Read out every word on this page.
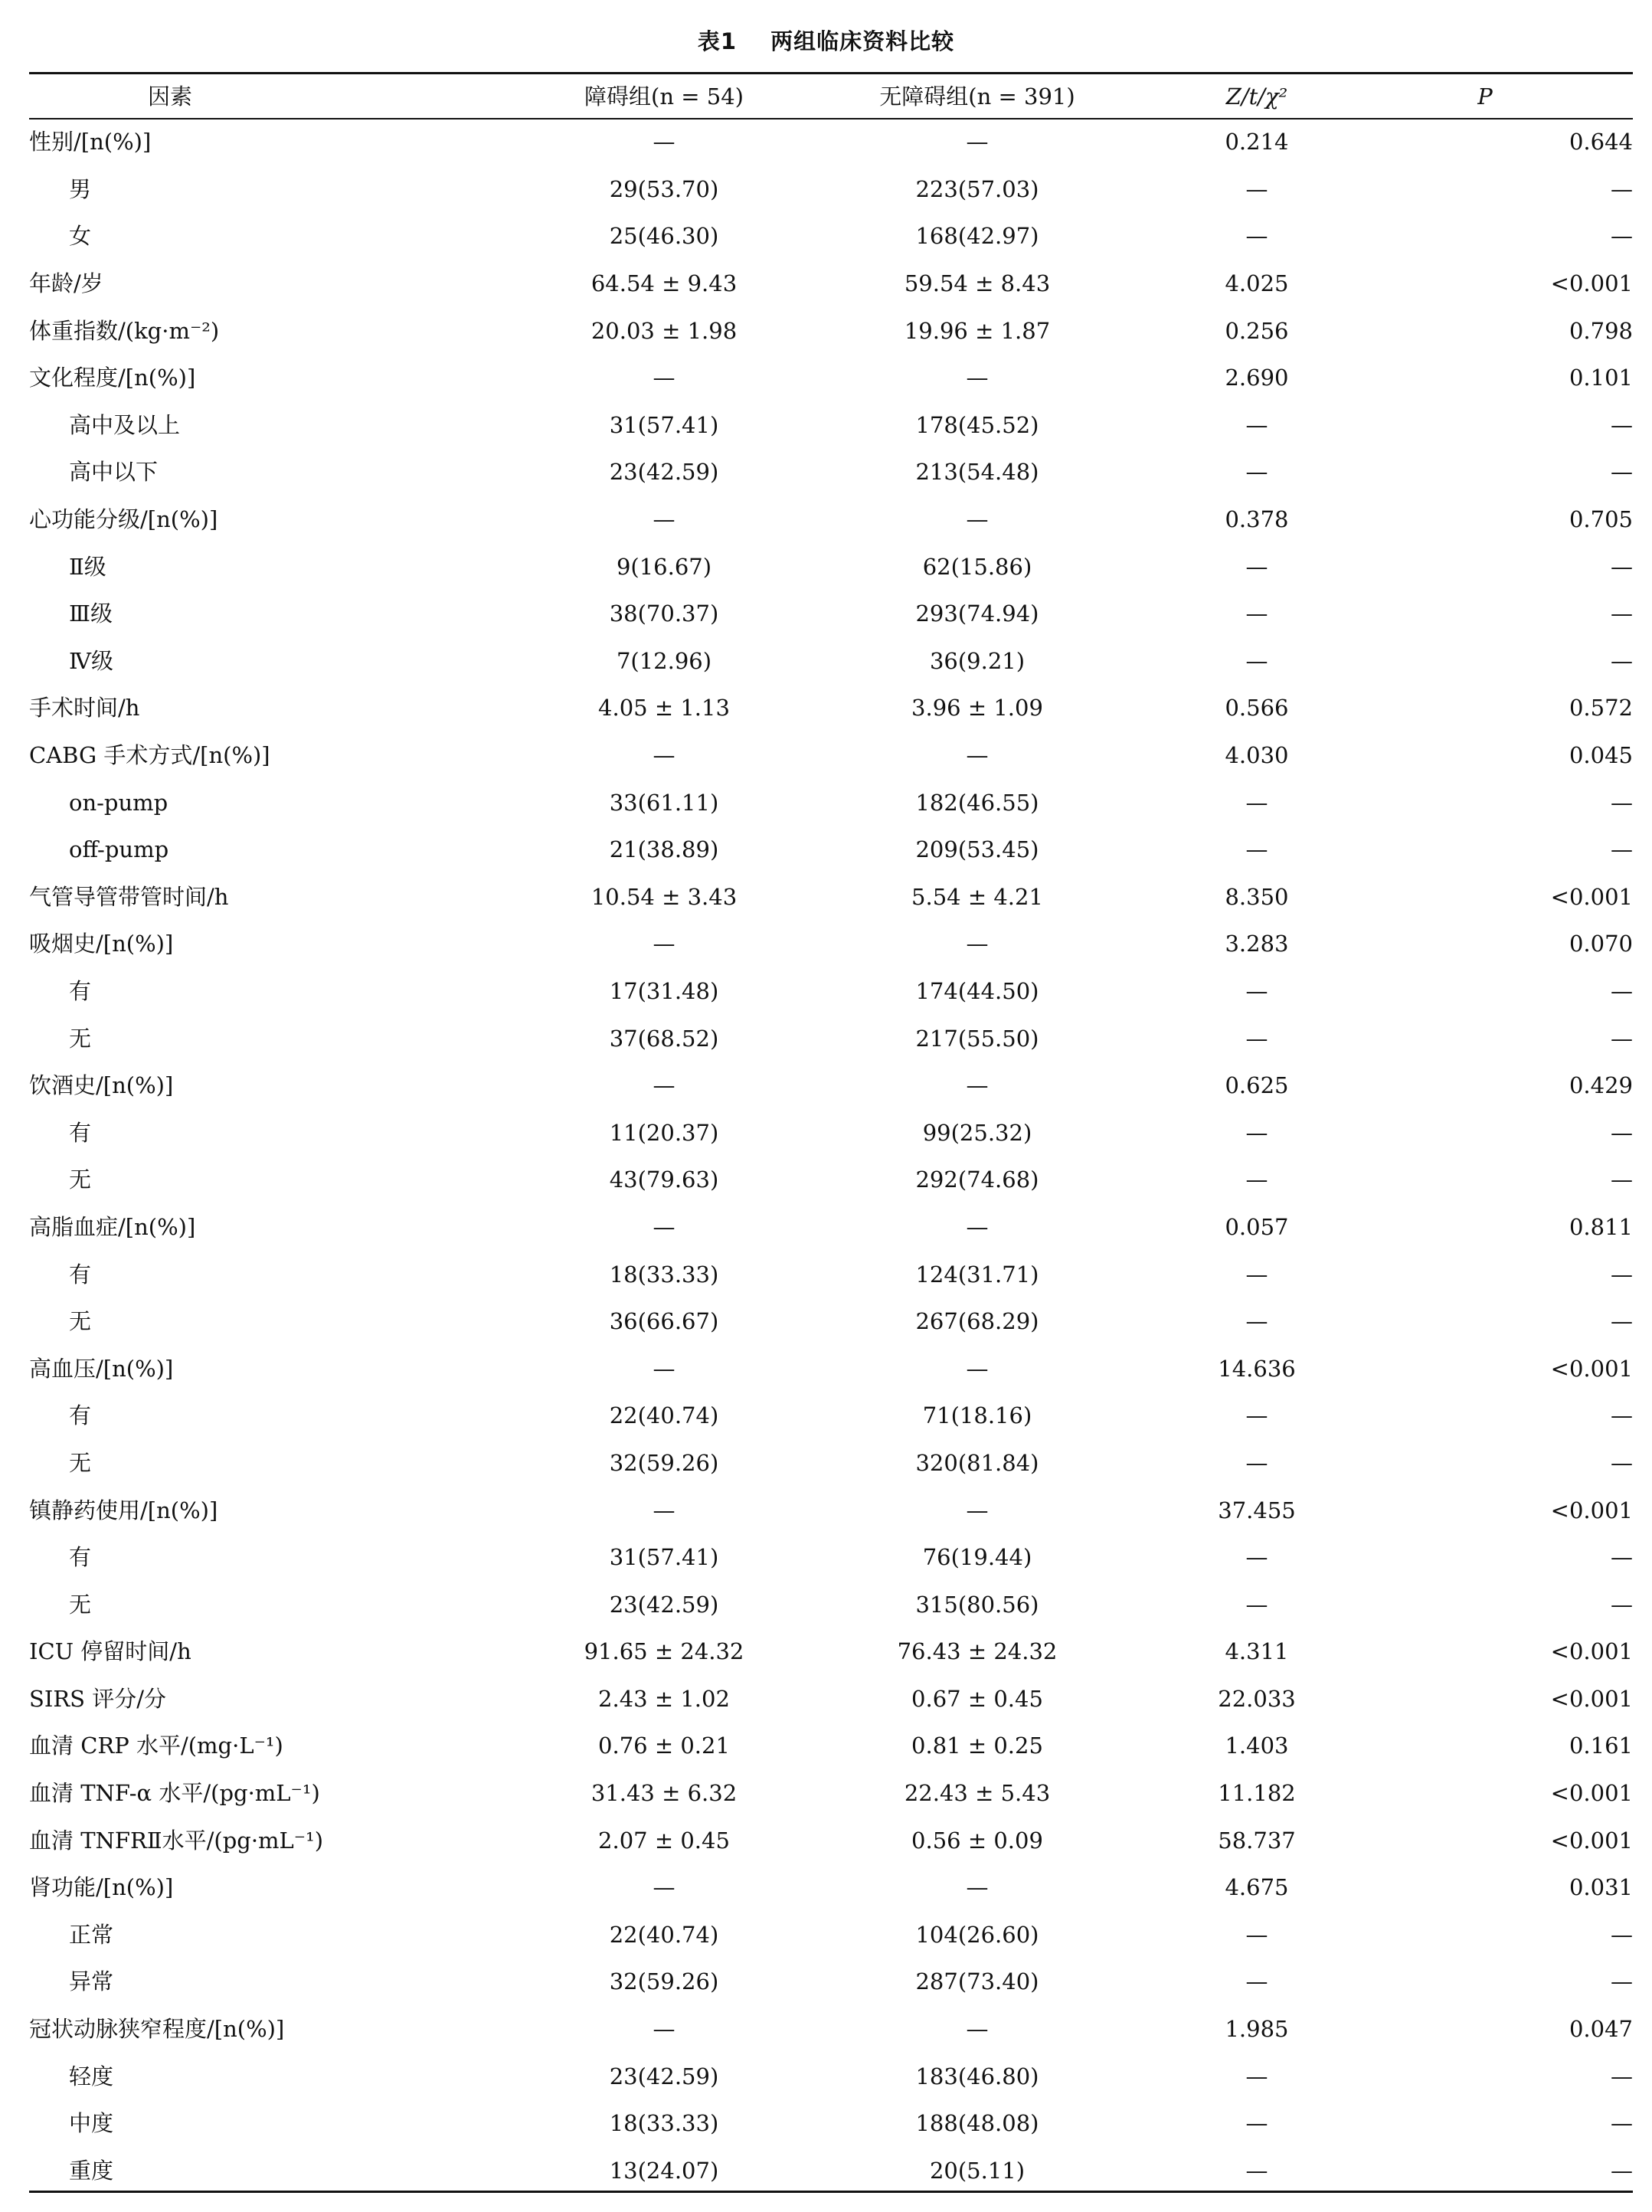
表1 两组临床资料比较
因素	障碍组(n = 54)	无障碍组(n = 391)	Z/t/χ²	P
性别/[n(%)]	—	—	0.214	0.644
男	29(53.70)	223(57.03)	—	—
女	25(46.30)	168(42.97)	—	—
年龄/岁	64.54 ± 9.43	59.54 ± 8.43	4.025	<0.001
体重指数/(kg·m⁻²)	20.03 ± 1.98	19.96 ± 1.87	0.256	0.798
文化程度/[n(%)]	—	—	2.690	0.101
高中及以上	31(57.41)	178(45.52)	—	—
高中以下	23(42.59)	213(54.48)	—	—
心功能分级/[n(%)]	—	—	0.378	0.705
Ⅱ级	9(16.67)	62(15.86)	—	—
Ⅲ级	38(70.37)	293(74.94)	—	—
Ⅳ级	7(12.96)	36(9.21)	—	—
手术时间/h	4.05 ± 1.13	3.96 ± 1.09	0.566	0.572
CABG 手术方式/[n(%)]	—	—	4.030	0.045
on-pump	33(61.11)	182(46.55)	—	—
off-pump	21(38.89)	209(53.45)	—	—
气管导管带管时间/h	10.54 ± 3.43	5.54 ± 4.21	8.350	<0.001
吸烟史/[n(%)]	—	—	3.283	0.070
有	17(31.48)	174(44.50)	—	—
无	37(68.52)	217(55.50)	—	—
饮酒史/[n(%)]	—	—	0.625	0.429
有	11(20.37)	99(25.32)	—	—
无	43(79.63)	292(74.68)	—	—
高脂血症/[n(%)]	—	—	0.057	0.811
有	18(33.33)	124(31.71)	—	—
无	36(66.67)	267(68.29)	—	—
高血压/[n(%)]	—	—	14.636	<0.001
有	22(40.74)	71(18.16)	—	—
无	32(59.26)	320(81.84)	—	—
镇静药使用/[n(%)]	—	—	37.455	<0.001
有	31(57.41)	76(19.44)	—	—
无	23(42.59)	315(80.56)	—	—
ICU 停留时间/h	91.65 ± 24.32	76.43 ± 24.32	4.311	<0.001
SIRS 评分/分	2.43 ± 1.02	0.67 ± 0.45	22.033	<0.001
血清 CRP 水平/(mg·L⁻¹)	0.76 ± 0.21	0.81 ± 0.25	1.403	0.161
血清 TNF-α 水平/(pg·mL⁻¹)	31.43 ± 6.32	22.43 ± 5.43	11.182	<0.001
血清 TNFRⅡ水平/(pg·mL⁻¹)	2.07 ± 0.45	0.56 ± 0.09	58.737	<0.001
肾功能/[n(%)]	—	—	4.675	0.031
正常	22(40.74)	104(26.60)	—	—
异常	32(59.26)	287(73.40)	—	—
冠状动脉狭窄程度/[n(%)]	—	—	1.985	0.047
轻度	23(42.59)	183(46.80)	—	—
中度	18(33.33)	188(48.08)	—	—
重度	13(24.07)	20(5.11)	—	—
